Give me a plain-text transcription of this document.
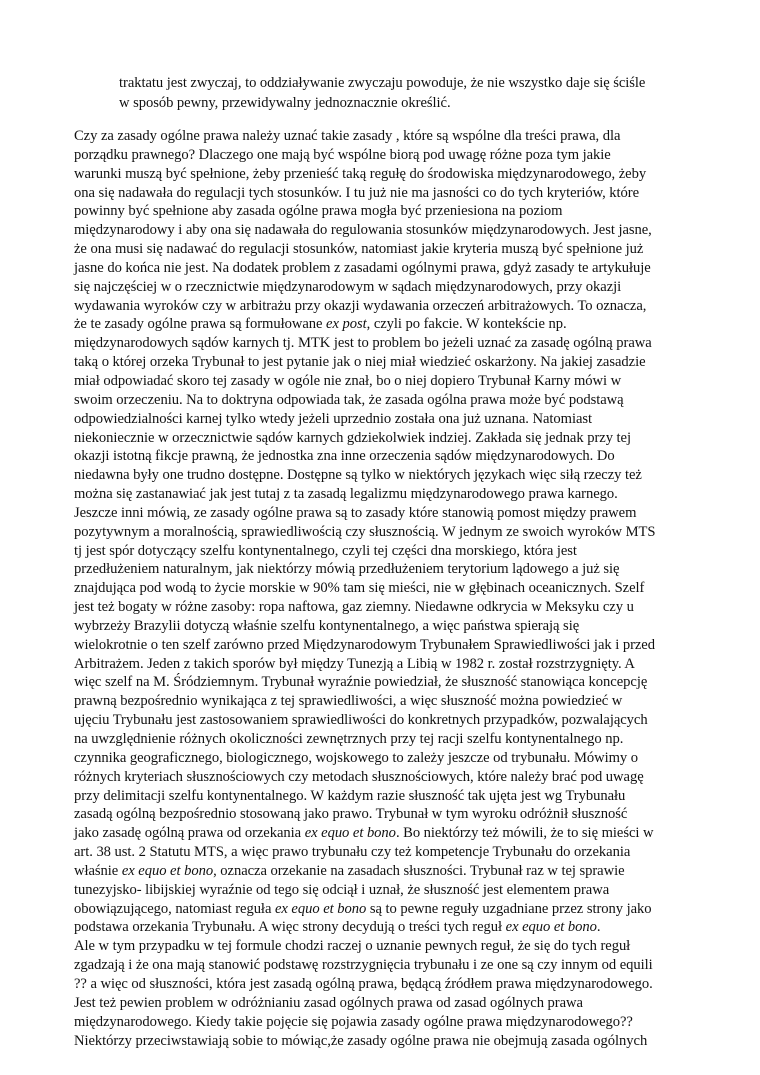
traktatu jest zwyczaj, to oddziaływanie zwyczaju powoduje, że nie wszystko daje się ściśle
w sposób pewny, przewidywalny jednoznacznie określić.
Czy za zasady ogólne prawa należy uznać takie zasady , które są wspólne dla treści prawa, dla
porządku prawnego? Dlaczego one mają być wspólne biorą pod uwagę różne poza tym jakie
warunki muszą być spełnione, żeby przenieść taką regułę do środowiska międzynarodowego, żeby
ona się nadawała do regulacji tych stosunków. I tu już nie ma jasności co do tych kryteriów, które
powinny być spełnione aby zasada ogólne prawa mogła być przeniesiona na poziom
międzynarodowy i aby ona się nadawała do regulowania stosunków międzynarodowych. Jest jasne,
że ona musi się nadawać do regulacji stosunków, natomiast jakie kryteria muszą być spełnione już
jasne do końca nie jest. Na dodatek problem z zasadami ogólnymi prawa, gdyż zasady te artykułuje
się najczęściej w o rzecznictwie międzynarodowym w sądach międzynarodowych, przy okazji
wydawania wyroków czy w arbitrażu przy okazji wydawania orzeczeń arbitrażowych. To oznacza,
że te zasady ogólne prawa są formułowane ex post, czyli po fakcie. W kontekście np.
międzynarodowych sądów karnych tj. MTK jest to problem bo jeżeli uznać za zasadę ogólną prawa
taką o której orzeka Trybunał to jest pytanie jak o niej miał wiedzieć oskarżony. Na jakiej zasadzie
miał odpowiadać skoro tej zasady w ogóle nie znał, bo o niej dopiero Trybunał Karny mówi w
swoim orzeczeniu. Na to doktryna odpowiada tak, że zasada ogólna prawa może być podstawą
odpowiedzialności karnej tylko wtedy jeżeli uprzednio została ona już uznana. Natomiast
niekoniecznie w orzecznictwie sądów karnych gdziekolwiek indziej. Zakłada się jednak przy tej
okazji istotną fikcje prawną, że jednostka zna inne orzeczenia sądów międzynarodowych. Do
niedawna były one trudno dostępne. Dostępne są tylko w niektórych językach więc siłą rzeczy też
można się zastanawiać jak jest tutaj z ta zasadą legalizmu międzynarodowego prawa karnego.
Jeszcze inni mówią, ze zasady ogólne prawa są to zasady które stanowią pomost między prawem
pozytywnym a moralnością, sprawiedliwością czy słusznością. W jednym ze swoich wyroków MTS
tj jest spór dotyczący szelfu kontynentalnego, czyli tej części dna morskiego, która jest
przedłużeniem naturalnym, jak niektórzy mówią przedłużeniem terytorium lądowego a już się
znajdująca pod wodą to życie morskie w 90% tam się mieści, nie w głębinach oceanicznych. Szelf
jest też bogaty w różne zasoby: ropa naftowa, gaz ziemny. Niedawne odkrycia w Meksyku czy u
wybrzeży Brazylii dotyczą właśnie szelfu kontynentalnego, a więc państwa spierają się
wielokrotnie o ten szelf zarówno przed Międzynarodowym Trybunałem Sprawiedliwości jak i przed
Arbitrażem. Jeden z takich sporów był między Tunezją a Libią w 1982 r. został rozstrzygnięty. A
więc szelf na M. Śródziemnym. Trybunał wyraźnie powiedział, że słuszność stanowiąca koncepcję
prawną bezpośrednio wynikająca z tej sprawiedliwości, a więc słuszność można powiedzieć w
ujęciu Trybunału jest zastosowaniem sprawiedliwości do konkretnych przypadków, pozwalających
na uwzględnienie różnych okoliczności zewnętrznych przy tej racji szelfu kontynentalnego np.
czynnika geograficznego, biologicznego, wojskowego to zależy jeszcze od trybunału. Mówimy o
różnych kryteriach słusznościowych czy metodach słusznościowych, które należy brać pod uwagę
przy delimitacji szelfu kontynentalnego. W każdym razie słuszność tak ujęta jest wg Trybunału
zasadą ogólną bezpośrednio stosowaną jako prawo. Trybunał w tym wyroku odróżnił słuszność
jako zasadę ogólną prawa od orzekania ex equo et bono. Bo niektórzy też mówili, że to się mieści w
art. 38 ust. 2 Statutu MTS, a więc prawo trybunału czy też kompetencje Trybunału do orzekania
właśnie ex equo et bono, oznacza orzekanie na zasadach słuszności. Trybunał raz w tej sprawie
tunezyjsko- libijskiej wyraźnie od tego się odciął i uznał, że słuszność jest elementem prawa
obowiązującego, natomiast reguła ex equo et bono są to pewne reguły uzgadniane przez strony jako
podstawa orzekania Trybunału. A więc strony decydują o treści tych reguł ex equo et bono.
Ale w tym przypadku w tej formule chodzi raczej o uznanie pewnych reguł, że się do tych reguł
zgadzają i że ona mają stanowić podstawę rozstrzygnięcia trybunału i ze one są czy innym od equili
?? a więc od słuszności, która jest zasadą ogólną prawa, będącą źródłem prawa międzynarodowego.
Jest też pewien problem w odróżnianiu zasad ogólnych prawa od zasad ogólnych prawa
międzynarodowego. Kiedy takie pojęcie się pojawia zasady ogólne prawa międzynarodowego??
Niektórzy przeciwstawiają sobie to mówiąc,że zasady ogólne prawa nie obejmują zasada ogólnych
